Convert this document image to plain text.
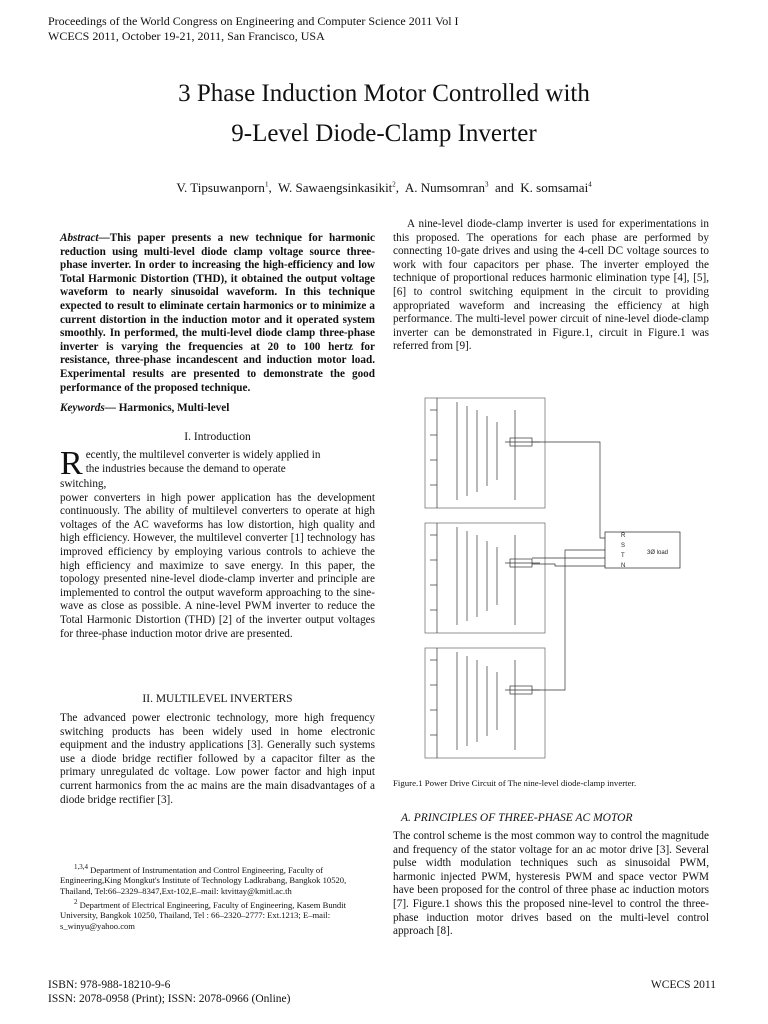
Proceedings of the World Congress on Engineering and Computer Science 2011 Vol I
WCECS 2011, October 19-21, 2011, San Francisco, USA
3 Phase Induction Motor Controlled with
9-Level Diode-Clamp Inverter
V. Tipsuwanporn$^1$,  W. Sawaengsinkasikit$^2$,  A. Numsomran$^3$ and K. somsamai$^4$
Abstract—This paper presents a new technique for harmonic reduction using multi-level diode clamp voltage source three-phase inverter. In order to increasing the high-efficiency and low Total Harmonic Distortion (THD), it obtained the output voltage waveform to nearly sinusoidal waveform. In this technique expected to result to eliminate certain harmonics or to minimize a current distortion in the induction motor and it operated system smoothly. In performed, the multi-level diode clamp three-phase inverter is varying the frequencies at 20 to 100 hertz for resistance, three-phase incandescent and induction motor load. Experimental results are presented to demonstrate the good performance of the proposed technique.
Keywords— Harmonics, Multi-level
I. Introduction
R ecently, the multilevel converter is widely applied in
the industries because the demand to operate
switching,

power converters in high power application has the development continuously. The ability of multilevel converters to operate at high voltages of the AC waveforms has low distortion, high quality and high efficiency. However, the multilevel converter [1] technology has improved efficiency by employing various controls to achieve the high efficiency and maximize to save energy. In this paper, the topology presented nine-level diode-clamp inverter and principle are implemented to control the output waveform approaching to the sine-wave as close as possible. A nine-level PWM inverter to reduce the Total Harmonic Distortion (THD) [2] of the inverter output voltages for three-phase induction motor drive are presented.

II. MULTILEVEL INVERTERS
The advanced power electronic technology, more high frequency switching products has been widely used in home electronic equipment and the industry applications [3]. Generally such systems use a diode bridge rectifier followed by a capacitor filter as the primary unregulated dc voltage. Low power factor and high input current harmonics from the ac mains are the main disadvantages of a diode bridge rectifier [3].

$^{1,3,4}$ Department of Instrumentation and Control Engineering, Faculty of Engineering,King Mongkut's Institute of Technology Ladkrabang, Bangkok 10520, Thailand, Tel:66–2329–8347,Ext-102,E–mail: ktvittay@kmitl.ac.th

$^2$ Department of Electrical Engineering, Faculty of Engineering, Kasem Bundit University, Bangkok 10250, Thailand, Tel : 66–2320–2777: Ext.1213; E–mail: s_winyu@yahoo.com

A nine-level diode-clamp inverter is used for experimentations in this proposed. The operations for each phase are performed by connecting 10-gate drives and using the 4-cell DC voltage sources to work with four capacitors per phase. The inverter employed the technique of proportional reduces harmonic elimination type [4], [5], [6] to control switching equipment in the circuit to providing appropriated waveform and increasing the efficiency at high performance. The multi-level power circuit of nine-level diode-clamp inverter can be demonstrated in Figure.1, circuit in Figure.1 was referred from [9].
R
S
T
N
3Ø load
Figure.1 Power Drive Circuit of The nine-level diode-clamp inverter.
A. PRINCIPLES OF THREE-PHASE AC MOTOR
The control scheme is the most common way to control the magnitude and frequency of the stator voltage for an ac motor drive [3]. Several pulse width modulation techniques such as sinusoidal PWM, harmonic injected PWM, hysteresis PWM and space vector PWM have been proposed for the control of three phase ac induction motors [7]. Figure.1 shows this the proposed nine-level to control the three-phase induction motor drives based on the multi-level control approach [8].
ISBN: 978-988-18210-9-6
ISSN: 2078-0958 (Print); ISSN: 2078-0966 (Online)
WCECS 2011
